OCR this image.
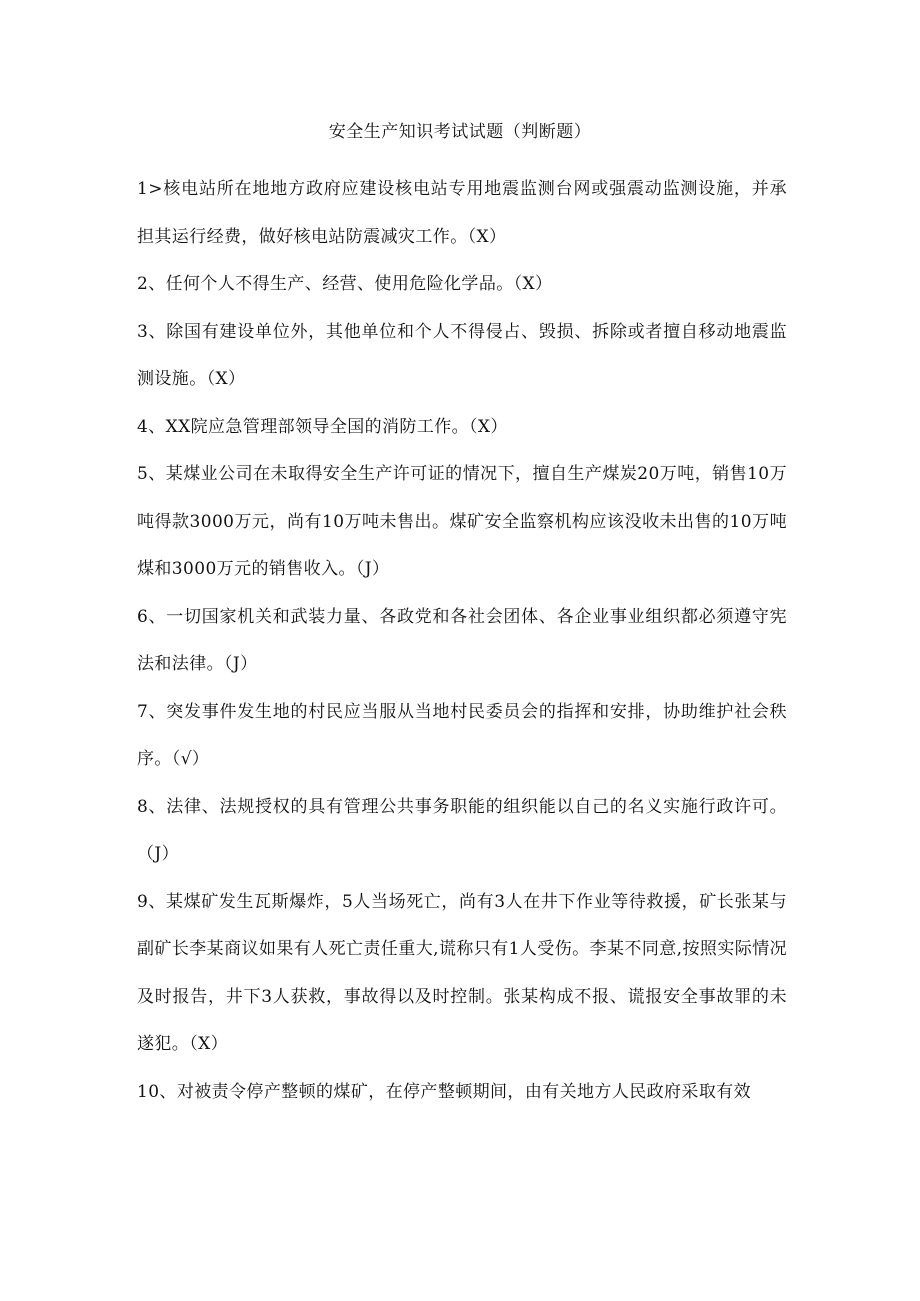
安全生产知识考试试题（判断题）
1>核电站所在地地方政府应建设核电站专用地震监测台网或强震动监测设施，并承担其运行经费，做好核电站防震减灾工作。（X）
2、任何个人不得生产、经营、使用危险化学品。（X）
3、除国有建设单位外，其他单位和个人不得侵占、毁损、拆除或者擅自移动地震监测设施。（X）
4、XX院应急管理部领导全国的消防工作。（X）
5、某煤业公司在未取得安全生产许可证的情况下，擅自生产煤炭20万吨，销售10万吨得款3000万元，尚有10万吨未售出。煤矿安全监察机构应该没收未出售的10万吨煤和3000万元的销售收入。（J）
6、一切国家机关和武装力量、各政党和各社会团体、各企业事业组织都必须遵守宪法和法律。（J）
7、突发事件发生地的村民应当服从当地村民委员会的指挥和安排，协助维护社会秩序。（√）
8、法律、法规授权的具有管理公共事务职能的组织能以自己的名义实施行政许可。（J）
9、某煤矿发生瓦斯爆炸，5人当场死亡，尚有3人在井下作业等待救援，矿长张某与副矿长李某商议如果有人死亡责任重大,谎称只有1人受伤。李某不同意,按照实际情况及时报告，井下3人获救，事故得以及时控制。张某构成不报、谎报安全事故罪的未遂犯。（X）
10、对被责令停产整顿的煤矿，在停产整顿期间，由有关地方人民政府采取有效
